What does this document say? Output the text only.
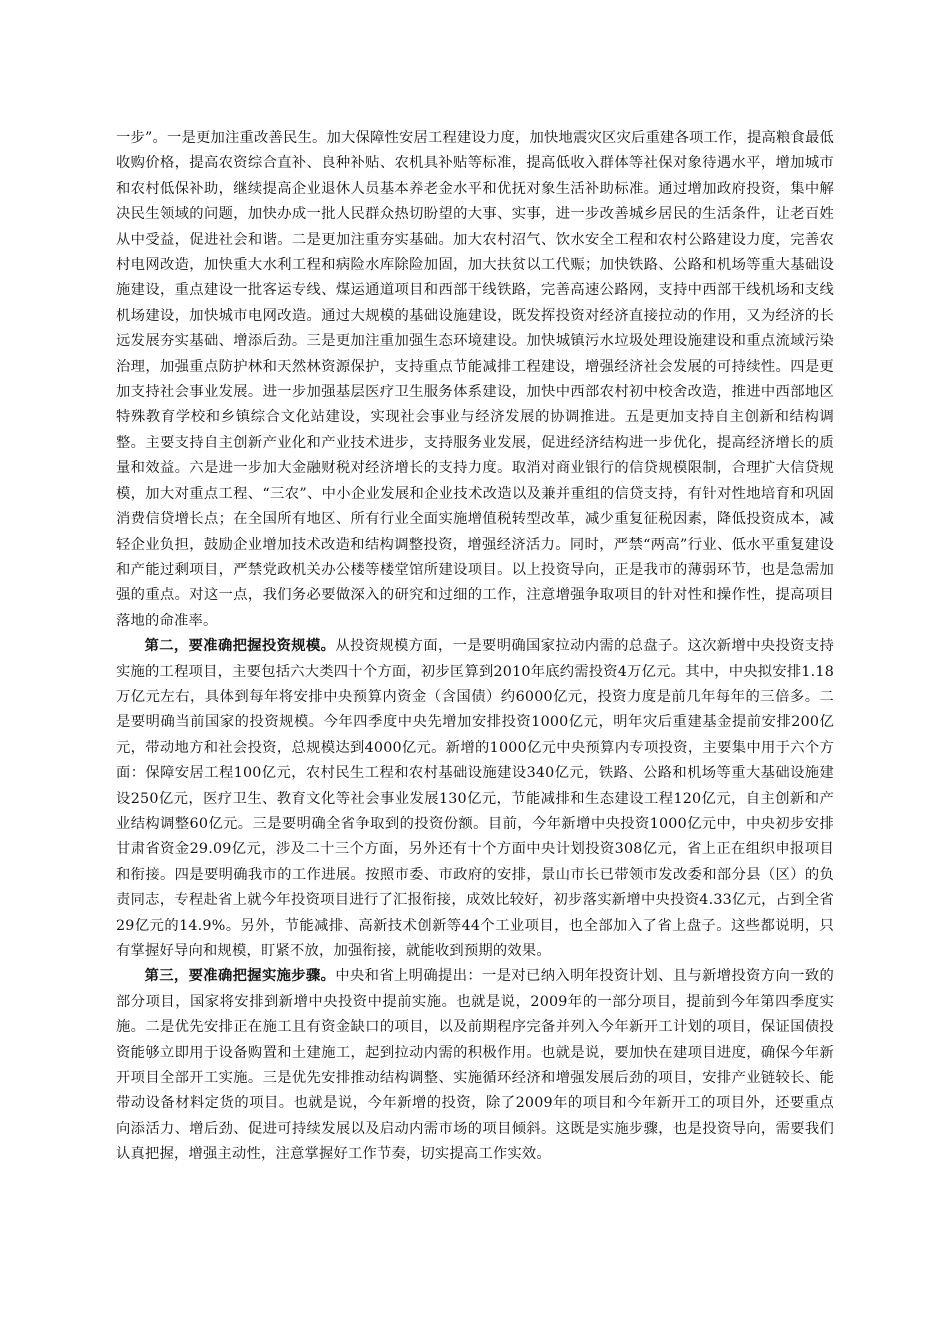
一步”。一是更加注重改善民生。加大保障性安居工程建设力度，加快地震灾区灾后重建各项工作，提高粮食最低收购价格，提高农资综合直补、良种补贴、农机具补贴等标准，提高低收入群体等社保对象待遇水平，增加城市和农村低保补助，继续提高企业退休人员基本养老金水平和优抚对象生活补助标准。通过增加政府投资，集中解决民生领域的问题，加快办成一批人民群众热切盼望的大事、实事，进一步改善城乡居民的生活条件，让老百姓从中受益，促进社会和谐。二是更加注重夯实基础。加大农村沼气、饮水安全工程和农村公路建设力度，完善农村电网改造，加快重大水利工程和病险水库除险加固，加大扶贫以工代赈；加快铁路、公路和机场等重大基础设施建设，重点建设一批客运专线、煤运通道项目和西部干线铁路，完善高速公路网，支持中西部干线机场和支线机场建设，加快城市电网改造。通过大规模的基础设施建设，既发挥投资对经济直接拉动的作用，又为经济的长远发展夯实基础、增添后劲。三是更加注重加强生态环境建设。加快城镇污水垃圾处理设施建设和重点流域污染治理，加强重点防护林和天然林资源保护，支持重点节能减排工程建设，增强经济社会发展的可持续性。四是更加支持社会事业发展。进一步加强基层医疗卫生服务体系建设，加快中西部农村初中校舍改造，推进中西部地区特殊教育学校和乡镇综合文化站建设，实现社会事业与经济发展的协调推进。五是更加支持自主创新和结构调整。主要支持自主创新产业化和产业技术进步，支持服务业发展，促进经济结构进一步优化，提高经济增长的质量和效益。六是进一步加大金融财税对经济增长的支持力度。取消对商业银行的信贷规模限制，合理扩大信贷规模，加大对重点工程、“三农”、中小企业发展和企业技术改造以及兼并重组的信贷支持，有针对性地培育和巩固消费信贷增长点；在全国所有地区、所有行业全面实施增值税转型改革，减少重复征税因素，降低投资成本，减轻企业负担，鼓励企业增加技术改造和结构调整投资，增强经济活力。同时，严禁“两高”行业、低水平重复建设和产能过剩项目，严禁党政机关办公楼等楼堂馆所建设项目。以上投资导向，正是我市的薄弱环节，也是急需加强的重点。对这一点，我们务必要做深入的研究和过细的工作，注意增强争取项目的针对性和操作性，提高项目落地的命准率。

第二，要准确把握投资规模。从投资规模方面，一是要明确国家拉动内需的总盘子。这次新增中央投资支持实施的工程项目，主要包括六大类四十个方面，初步匡算到2010年底约需投资4万亿元。其中，中央拟安排1.18万亿元左右，具体到每年将安排中央预算内资金（含国债）约6000亿元，投资力度是前几年每年的三倍多。二是要明确当前国家的投资规模。今年四季度中央先增加安排投资1000亿元，明年灾后重建基金提前安排200亿元，带动地方和社会投资，总规模达到4000亿元。新增的1000亿元中央预算内专项投资，主要集中用于六个方面：保障安居工程100亿元，农村民生工程和农村基础设施建设340亿元，铁路、公路和机场等重大基础设施建设250亿元，医疗卫生、教育文化等社会事业发展130亿元，节能减排和生态建设工程120亿元，自主创新和产业结构调整60亿元。三是要明确全省争取到的投资份额。目前，今年新增中央投资1000亿元中，中央初步安排甘肃省资金29.09亿元，涉及二十三个方面，另外还有十个方面中央计划投资308亿元，省上正在组织申报项目和衔接。四是要明确我市的工作进展。按照市委、市政府的安排，景山市长已带领市发改委和部分县（区）的负责同志，专程赴省上就今年投资项目进行了汇报衔接，成效比较好，初步落实新增中央投资4.33亿元，占到全省29亿元的14.9%。另外，节能减排、高新技术创新等44个工业项目，也全部加入了省上盘子。这些都说明，只有掌握好导向和规模，盯紧不放，加强衔接，就能收到预期的效果。

第三，要准确把握实施步骤。中央和省上明确提出：一是对已纳入明年投资计划、且与新增投资方向一致的部分项目，国家将安排到新增中央投资中提前实施。也就是说，2009年的一部分项目，提前到今年第四季度实施。二是优先安排正在施工且有资金缺口的项目，以及前期程序完备并列入今年新开工计划的项目，保证国债投资能够立即用于设备购置和土建施工，起到拉动内需的积极作用。也就是说，要加快在建项目进度，确保今年新开项目全部开工实施。三是优先安排推动结构调整、实施循环经济和增强发展后劲的项目，安排产业链较长、能带动设备材料定货的项目。也就是说，今年新增的投资，除了2009年的项目和今年新开工的项目外，还要重点向添活力、增后劲、促进可持续发展以及启动内需市场的项目倾斜。这既是实施步骤，也是投资导向，需要我们认真把握，增强主动性，注意掌握好工作节奏，切实提高工作实效。
